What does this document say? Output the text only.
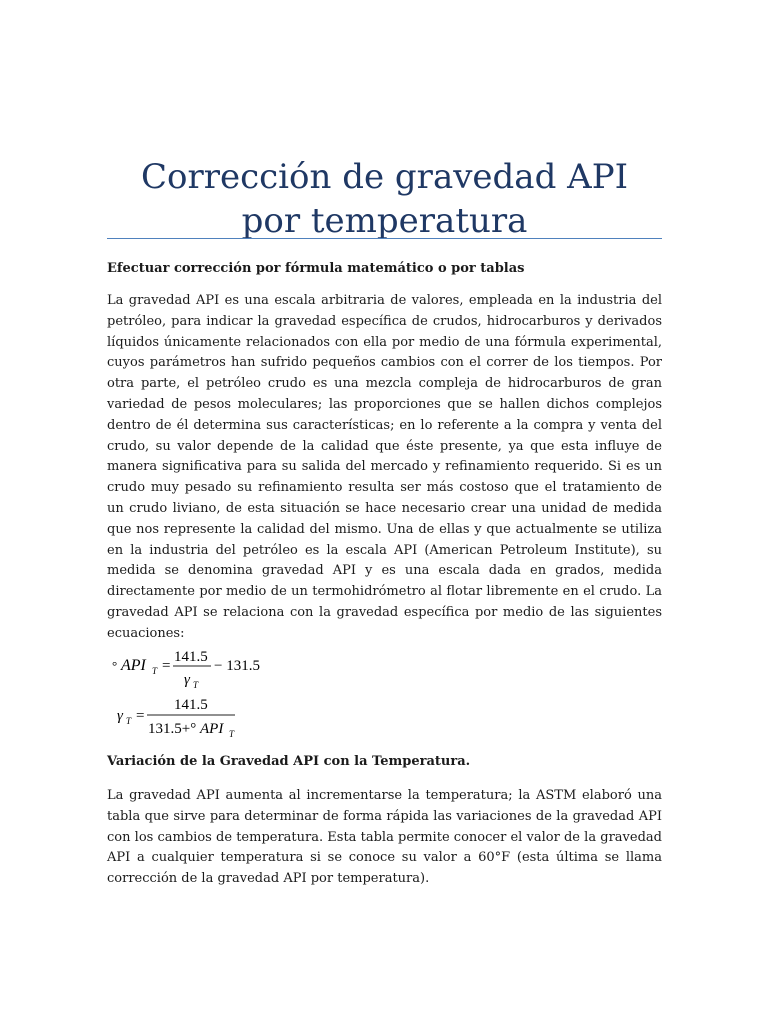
Corrección de gravedad API por temperatura

Efectuar corrección por fórmula matemático o por tablas

La gravedad API es una escala arbitraria de valores, empleada en la industria del petróleo, para indicar la gravedad específica de crudos, hidrocarburos y derivados líquidos únicamente relacionados con ella por medio de una fórmula experimental, cuyos parámetros han sufrido pequeños cambios con el correr de los tiempos. Por otra parte, el petróleo crudo es una mezcla compleja de hidrocarburos de gran variedad de pesos moleculares; las proporciones que se hallen dichos complejos dentro de él determina sus características; en lo referente a la compra y venta del crudo, su valor depende de la calidad que éste presente, ya que esta influye de manera significativa para su salida del mercado y refinamiento requerido. Si es un crudo muy pesado su refinamiento resulta ser más costoso que el tratamiento de un crudo liviano, de esta situación se hace necesario crear una unidad de medida que nos represente la calidad del mismo. Una de ellas y que actualmente se utiliza en la industria del petróleo es la escala API (American Petroleum Institute), su medida se denomina gravedad API y es una escala dada en grados, medida directamente por medio de un termohidrómetro al flotar libremente en el crudo. La gravedad API se relaciona con la gravedad específica por medio de las siguientes ecuaciones:

° API T =
141.5
γ T
− 131.5
γ T =
141.5
131.5+° API T

Variación de la Gravedad API con la Temperatura.

La gravedad API aumenta al incrementarse la temperatura; la ASTM elaboró una tabla que sirve para determinar de forma rápida las variaciones de la gravedad API con los cambios de temperatura. Esta tabla permite conocer el valor de la gravedad API a cualquier temperatura si se conoce su valor a 60°F (esta última se llama corrección de la gravedad API por temperatura).
